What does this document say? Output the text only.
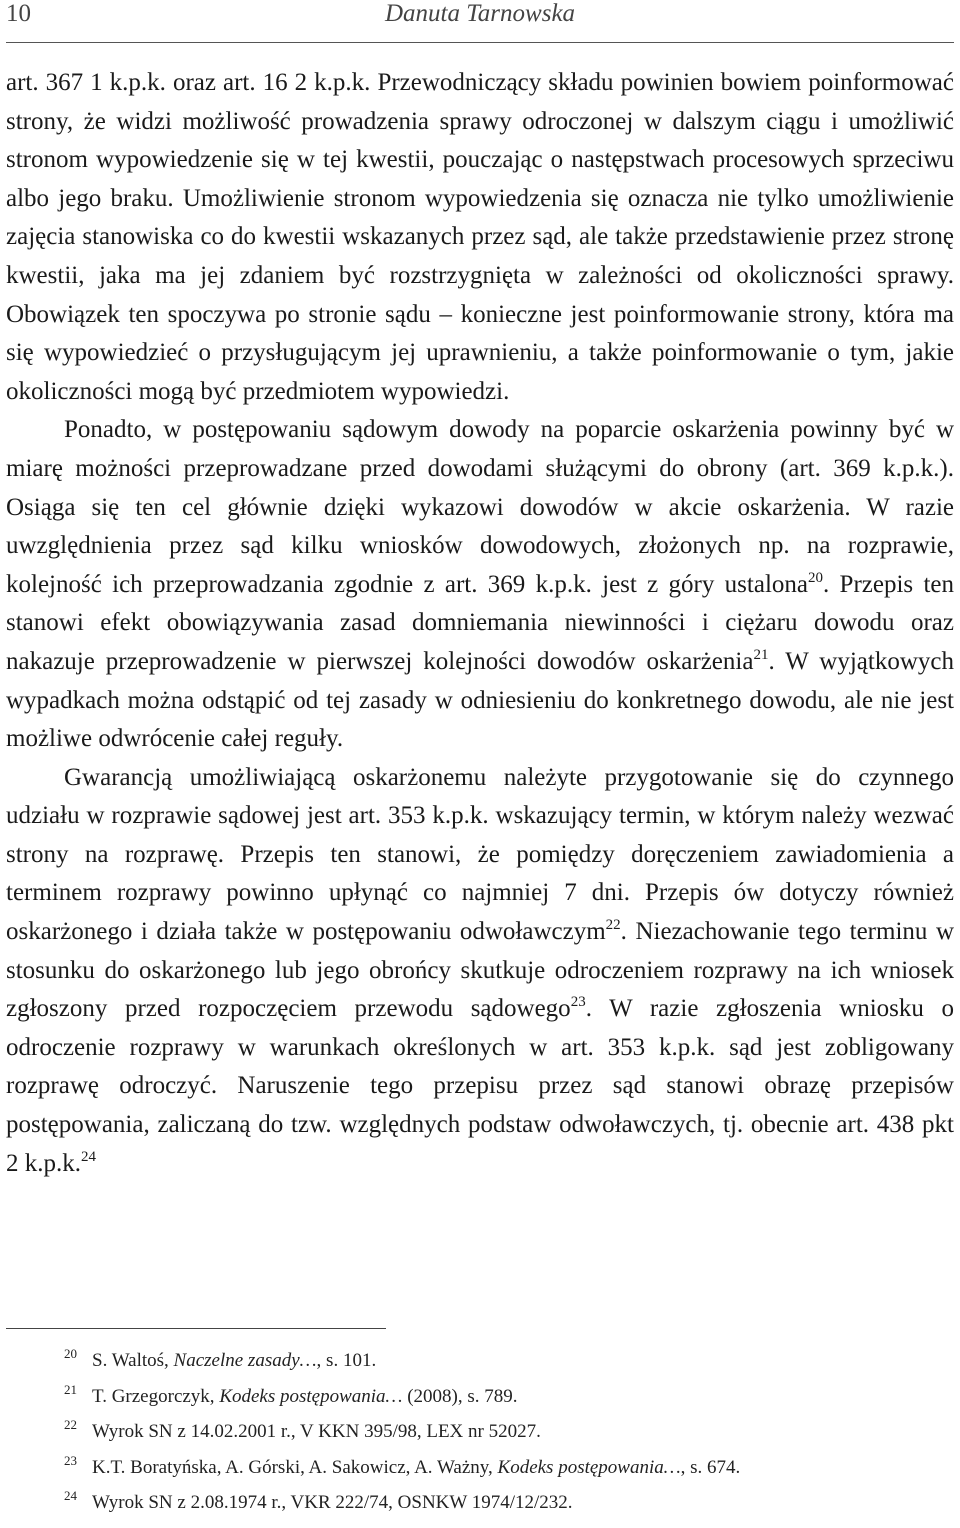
10	Danuta Tarnowska

art. 367 1 k.p.k. oraz art. 16 2 k.p.k. Przewodniczący składu powinien bowiem poinformować strony, że widzi możliwość prowadzenia sprawy odroczonej w dalszym ciągu i umożliwić stronom wypowiedzenie się w tej kwestii, pouczając o następstwach procesowych sprzeciwu albo jego braku. Umożliwienie stronom wypowiedzenia się oznacza nie tylko umożliwienie zajęcia stanowiska co do kwestii wskazanych przez sąd, ale także przedstawienie przez stronę kwestii, jaka ma jej zdaniem być rozstrzygnięta w zależności od okoliczności sprawy. Obowiązek ten spoczywa po stronie sądu – konieczne jest poinformowanie strony, która ma się wypowiedzieć o przysługującym jej uprawnieniu, a także poinformowanie o tym, jakie okoliczności mogą być przedmiotem wypowiedzi.

Ponadto, w postępowaniu sądowym dowody na poparcie oskarżenia powinny być w miarę możności przeprowadzane przed dowodami służącymi do obrony (art. 369 k.p.k.). Osiąga się ten cel głównie dzięki wykazowi dowodów w akcie oskarżenia. W razie uwzględnienia przez sąd kilku wniosków dowodowych, złożonych np. na rozprawie, kolejność ich przeprowadzania zgodnie z art. 369 k.p.k. jest z góry ustalona$^{20}$. Przepis ten stanowi efekt obowiązywania zasad domniemania niewinności i ciężaru dowodu oraz nakazuje przeprowadzenie w pierwszej kolejności dowodów oskarżenia$^{21}$. W wyjątkowych wypadkach można odstąpić od tej zasady w odniesieniu do konkretnego dowodu, ale nie jest możliwe odwrócenie całej reguły.

Gwarancją umożliwiającą oskarżonemu należyte przygotowanie się do czynnego udziału w rozprawie sądowej jest art. 353 k.p.k. wskazujący termin, w którym należy wezwać strony na rozprawę. Przepis ten stanowi, że pomiędzy doręczeniem zawiadomienia a terminem rozprawy powinno upłynąć co najmniej 7 dni. Przepis ów dotyczy również oskarżonego i działa także w postępowaniu odwoławczym$^{22}$. Niezachowanie tego terminu w stosunku do oskarżonego lub jego obrońcy skutkuje odroczeniem rozprawy na ich wniosek zgłoszony przed rozpoczęciem przewodu sądowego$^{23}$. W razie zgłoszenia wniosku o odroczenie rozprawy w warunkach określonych w art. 353 k.p.k. sąd jest zobligowany rozprawę odroczyć. Naruszenie tego przepisu przez sąd stanowi obrazę przepisów postępowania, zaliczaną do tzw. względnych podstaw odwoławczych, tj. obecnie art. 438 pkt 2 k.p.k.$^{24}$

20 S. Waltoś, Naczelne zasady…, s. 101.
21 T. Grzegorczyk, Kodeks postępowania… (2008), s. 789.
22 Wyrok SN z 14.02.2001 r., V KKN 395/98, LEX nr 52027.
23 K.T. Boratyńska, A. Górski, A. Sakowicz, A. Ważny, Kodeks postępowania…, s. 674.
24 Wyrok SN z 2.08.1974 r., VKR 222/74, OSNKW 1974/12/232.
